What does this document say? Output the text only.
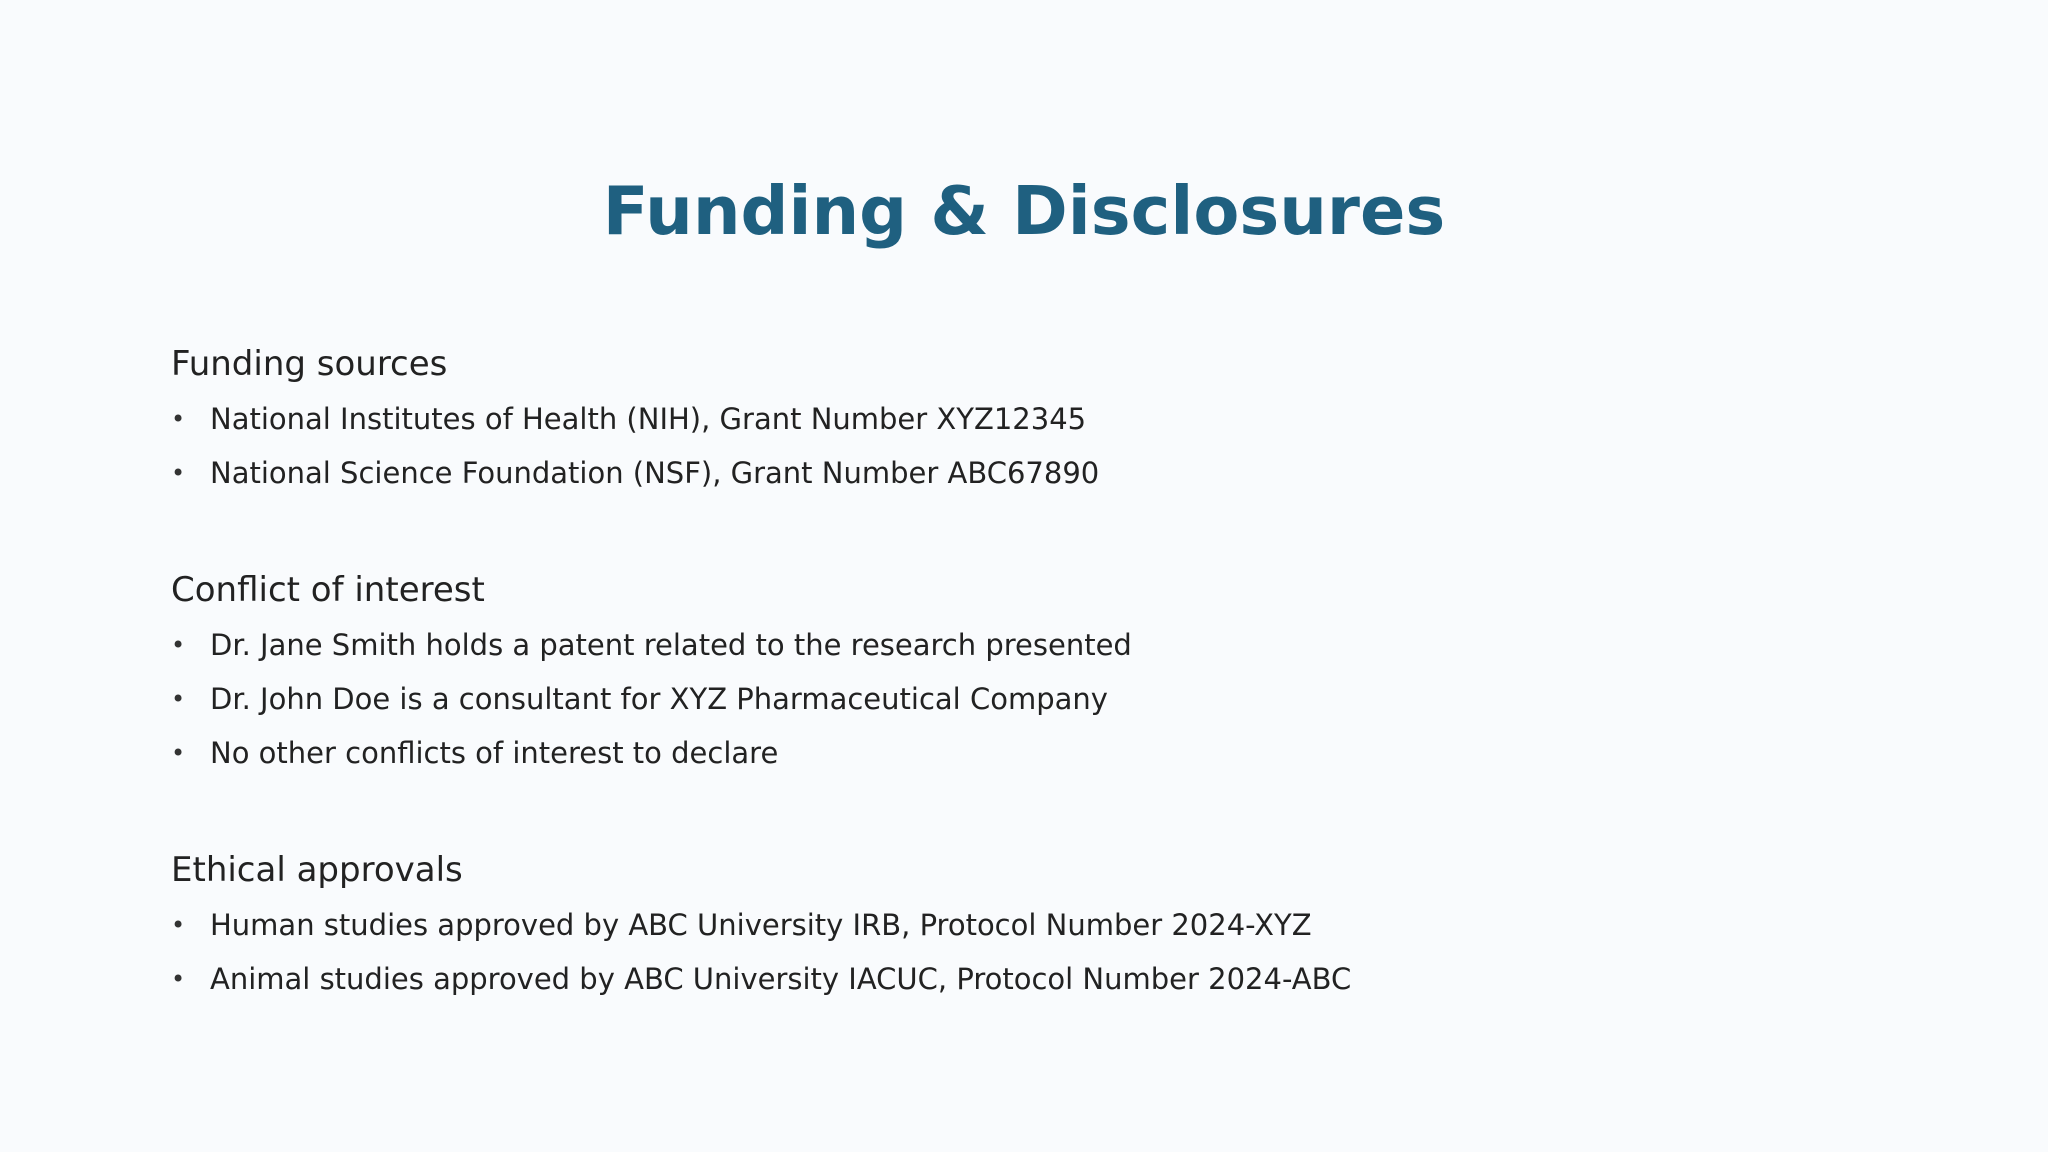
Funding & Disclosures
Funding sources
• National Institutes of Health (NIH), Grant Number XYZ12345
• National Science Foundation (NSF), Grant Number ABC67890
Conflict of interest
• Dr. Jane Smith holds a patent related to the research presented
• Dr. John Doe is a consultant for XYZ Pharmaceutical Company
• No other conflicts of interest to declare
Ethical approvals
• Human studies approved by ABC University IRB, Protocol Number 2024-XYZ
• Animal studies approved by ABC University IACUC, Protocol Number 2024-ABC
